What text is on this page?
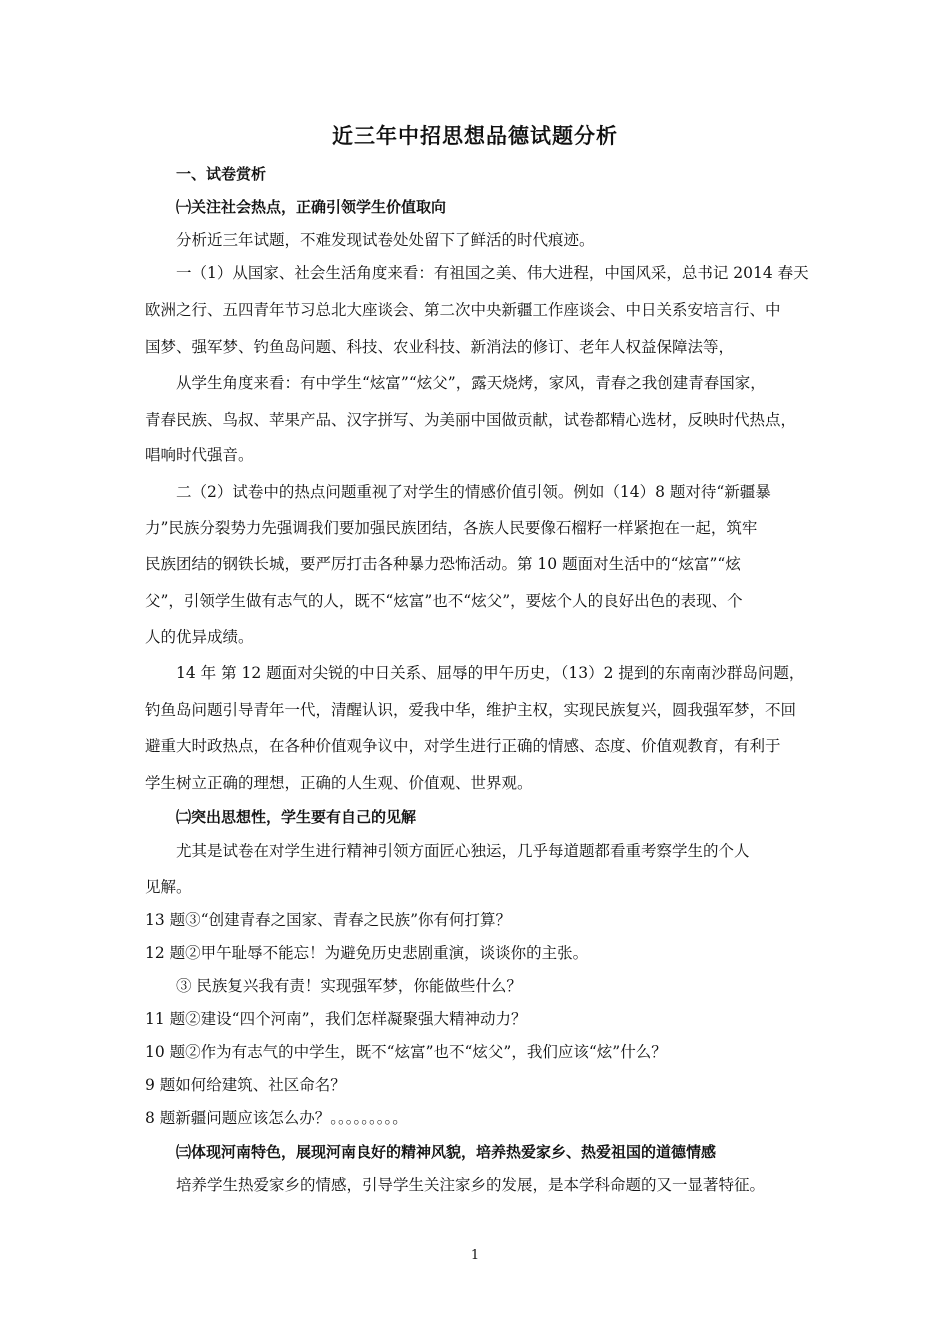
近三年中招思想品德试题分析
一、试卷赏析
㈠关注社会热点，正确引领学生价值取向
分析近三年试题，不难发现试卷处处留下了鲜活的时代痕迹。
一（1）从国家、社会生活角度来看：有祖国之美、伟大进程，中国风采，总书记 2014 春天
欧洲之行、五四青年节习总北大座谈会、第二次中央新疆工作座谈会、中日关系安培言行、中
国梦、强军梦、钓鱼岛问题、科技、农业科技、新消法的修订、老年人权益保障法等，
从学生角度来看：有中学生“炫富”“炫父”，露天烧烤，家风，青春之我创建青春国家，
青春民族、鸟叔、苹果产品、汉字拼写、为美丽中国做贡献，试卷都精心选材，反映时代热点，
唱响时代强音。
二（2）试卷中的热点问题重视了对学生的情感价值引领。例如（14）8 题对待“新疆暴
力”民族分裂势力先强调我们要加强民族团结，各族人民要像石榴籽一样紧抱在一起，筑牢
民族团结的钢铁长城，要严厉打击各种暴力恐怖活动。第 10 题面对生活中的“炫富”“炫
父”，引领学生做有志气的人，既不“炫富”也不“炫父”，要炫个人的良好出色的表现、个
人的优异成绩。
14 年 第 12 题面对尖锐的中日关系、屈辱的甲午历史，（13）2 提到的东南南沙群岛问题，
钓鱼岛问题引导青年一代，清醒认识，爱我中华，维护主权，实现民族复兴，圆我强军梦，不回
避重大时政热点，在各种价值观争议中，对学生进行正确的情感、态度、价值观教育，有利于
学生树立正确的理想，正确的人生观、价值观、世界观。
㈡突出思想性，学生要有自己的见解
尤其是试卷在对学生进行精神引领方面匠心独运，几乎每道题都看重考察学生的个人
见解。
13 题③“创建青春之国家、青春之民族”你有何打算？
12 题②甲午耻辱不能忘！为避免历史悲剧重演，谈谈你的主张。
③ 民族复兴我有责！实现强军梦，你能做些什么？
11 题②建设“四个河南”，我们怎样凝聚强大精神动力？
10 题②作为有志气的中学生，既不“炫富”也不“炫父”，我们应该“炫”什么？
9 题如何给建筑、社区命名？
8 题新疆问题应该怎么办？。。。。。。。。。
㈢体现河南特色，展现河南良好的精神风貌，培养热爱家乡、热爱祖国的道德情感
培养学生热爱家乡的情感，引导学生关注家乡的发展，是本学科命题的又一显著特征。
1
